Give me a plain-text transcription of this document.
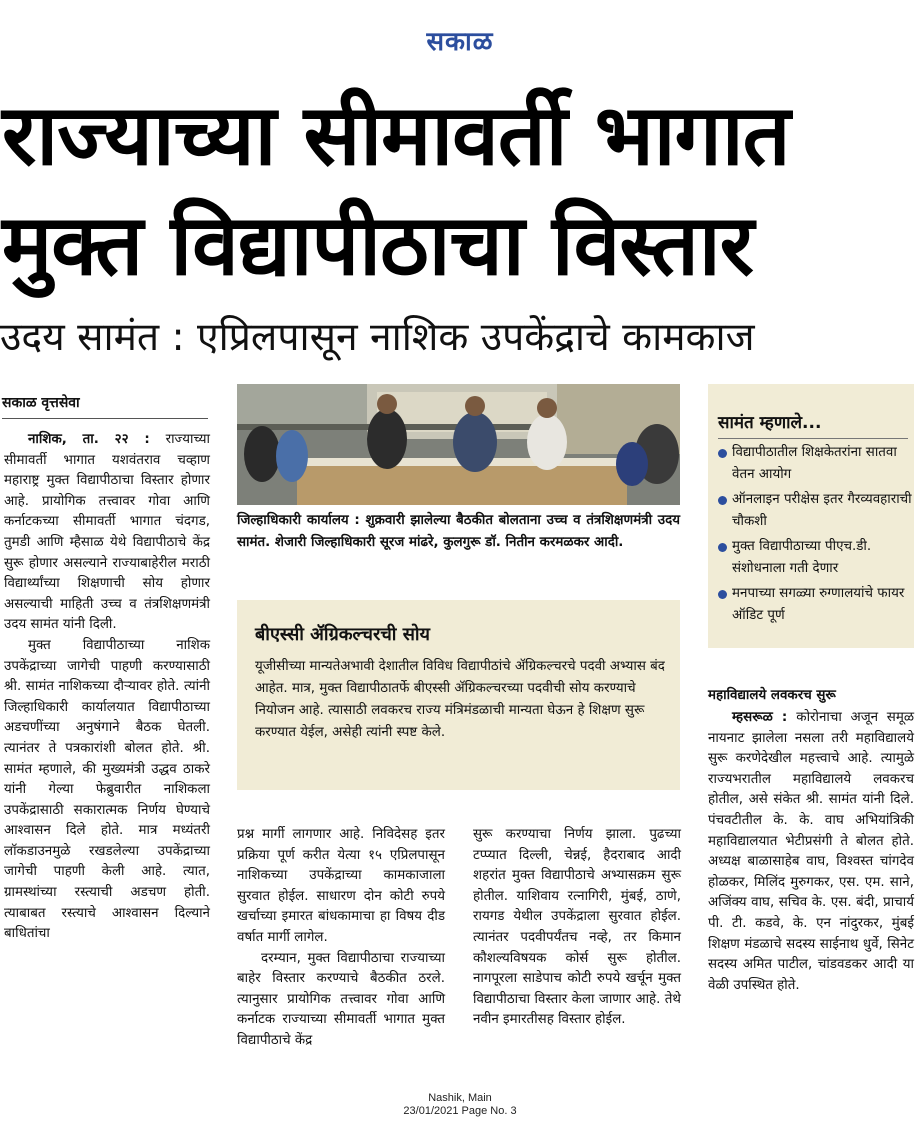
सकाळ
राज्याच्या सीमावर्ती भागात
मुक्त विद्यापीठाचा विस्तार
उदय सामंत : एप्रिलपासून नाशिक उपकेंद्राचे कामकाज
सकाळ वृत्तसेवा

नाशिक, ता. २२ : राज्याच्या सीमावर्ती भागात यशवंतराव चव्हाण महाराष्ट्र मुक्त विद्यापीठाचा विस्तार होणार आहे. प्रायोगिक तत्त्वावर गोवा आणि कर्नाटकच्या सीमावर्ती भागात चंदगड, तुमडी आणि म्हैसाळ येथे विद्यापीठाचे केंद्र सुरू होणार असल्याने राज्याबाहेरील मराठी विद्यार्थ्यांच्या शिक्षणाची सोय होणार असल्याची माहिती उच्च व तंत्रशिक्षणमंत्री उदय सामंत यांनी दिली.

मुक्त विद्यापीठाच्या नाशिक उपकेंद्राच्या जागेची पाहणी करण्यासाठी श्री. सामंत नाशिकच्या दौऱ्यावर होते. त्यांनी जिल्हाधिकारी कार्यालयात विद्यापीठाच्या अडचणींच्या अनुषंगाने बैठक घेतली. त्यानंतर ते पत्रकारांशी बोलत होते. श्री. सामंत म्हणाले, की मुख्यमंत्री उद्धव ठाकरे यांनी गेल्या फेब्रुवारीत नाशिकला उपकेंद्रासाठी सकारात्मक निर्णय घेण्याचे आश्वासन दिले होते. मात्र मध्यंतरी लॉकडाउनमुळे रखडलेल्या उपकेंद्राच्या जागेची पाहणी केली आहे. त्यात, ग्रामस्थांच्या रस्त्याची अडचण होती. त्याबाबत रस्त्याचे आश्वासन दिल्याने बाधितांचा

जिल्हाधिकारी कार्यालय : शुक्रवारी झालेल्या बैठकीत बोलताना उच्च व तंत्रशिक्षणमंत्री उदय सामंत. शेजारी जिल्हाधिकारी सूरज मांढरे, कुलगुरू डॉ. नितीन करमळकर आदी.
बीएस्सी ॲग्रिकल्चरची सोय
यूजीसीच्या मान्यतेअभावी देशातील विविध विद्यापीठांचे ॲग्रिकल्चरचे पदवी अभ्यास बंद आहेत. मात्र, मुक्त विद्यापीठातर्फे बीएस्सी ॲग्रिकल्चरच्या पदवीची सोय करण्याचे नियोजन आहे. त्यासाठी लवकरच राज्य मंत्रिमंडळाची मान्यता घेऊन हे शिक्षण सुरू करण्यात येईल, असेही त्यांनी स्पष्ट केले.

प्रश्न मार्गी लागणार आहे. निविदेसह इतर प्रक्रिया पूर्ण करीत येत्या १५ एप्रिलपासून नाशिकच्या उपकेंद्राच्या कामकाजाला सुरवात होईल. साधारण दोन कोटी रुपये खर्चाच्या इमारत बांधकामाचा हा विषय दीड वर्षात मार्गी लागेल.

दरम्यान, मुक्त विद्यापीठाचा राज्याच्या बाहेर विस्तार करण्याचे बैठकीत ठरले. त्यानुसार प्रायोगिक तत्त्वावर गोवा आणि कर्नाटक राज्याच्या सीमावर्ती भागात मुक्त विद्यापीठाचे केंद्र

सुरू करण्याचा निर्णय झाला. पुढच्या टप्प्यात दिल्ली, चेन्नई, हैदराबाद आदी शहरांत मुक्त विद्यापीठाचे अभ्यासक्रम सुरू होतील. याशिवाय रत्नागिरी, मुंबई, ठाणे, रायगड येथील उपकेंद्राला सुरवात होईल. त्यानंतर पदवीपर्यंतच नव्हे, तर किमान कौशल्यविषयक कोर्स सुरू होतील. नागपूरला साडेपाच कोटी रुपये खर्चून मुक्त विद्यापीठाचा विस्तार केला जाणार आहे. तेथे नवीन इमारतीसह विस्तार होईल.

सामंत म्हणाले...
विद्यापीठातील शिक्षकेतरांना सातवा वेतन आयोग
ऑनलाइन परीक्षेस इतर गैरव्यवहाराची चौकशी
मुक्त विद्यापीठाच्या पीएच.डी. संशोधनाला गती देणार
मनपाच्या सगळ्या रुग्णालयांचे फायर ऑडिट पूर्ण
महाविद्यालये लवकरच सुरू

म्हसरूळ : कोरोनाचा अजून समूळ नायनाट झालेला नसला तरी महाविद्यालये सुरू करणेदेखील महत्त्वाचे आहे. त्यामुळे राज्यभरातील महाविद्यालये लवकरच होतील, असे संकेत श्री. सामंत यांनी दिले. पंचवटीतील के. के. वाघ अभियांत्रिकी महाविद्यालयात भेटीप्रसंगी ते बोलत होते. अध्यक्ष बाळासाहेब वाघ, विश्वस्त चांगदेव होळकर, मिलिंद मुरुगकर, एस. एम. साने, अजिंक्य वाघ, सचिव के. एस. बंदी, प्राचार्य पी. टी. कडवे, के. एन नांदुरकर, मुंबई शिक्षण मंडळाचे सदस्य साईनाथ धुर्वे, सिनेट सदस्य अमित पाटील, चांडवडकर आदी या वेळी उपस्थित होते.

Nashik, Main
23/01/2021 Page No. 3
